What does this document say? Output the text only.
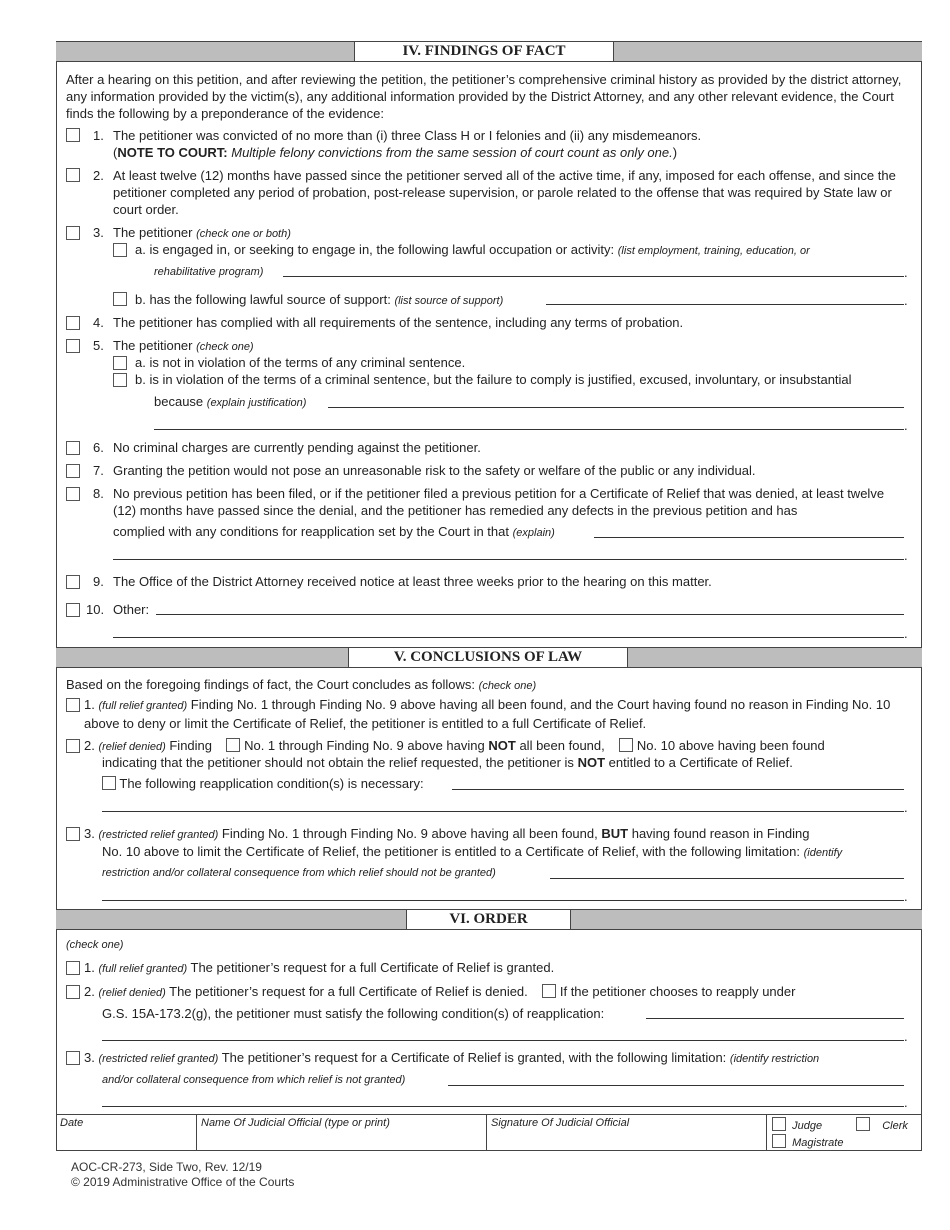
IV. FINDINGS OF FACT
After a hearing on this petition, and after reviewing the petition, the petitioner’s comprehensive criminal history as provided by the district attorney, any information provided by the victim(s), any additional information provided by the District Attorney, and any other relevant evidence, the Court finds the following by a preponderance of the evidence:
1. The petitioner was convicted of no more than (i) three Class H or I felonies and (ii) any misdemeanors.
(NOTE TO COURT: Multiple felony convictions from the same session of court count as only one.)
2. At least twelve (12) months have passed since the petitioner served all of the active time, if any, imposed for each offense, and since the petitioner completed any period of probation, post-release supervision, or parole related to the offense that was required by State law or court order.
3. The petitioner (check one or both)
a. is engaged in, or seeking to engage in, the following lawful occupation or activity: (list employment, training, education, or
rehabilitative program)	.
b. has the following lawful source of support: (list source of support)	.
4. The petitioner has complied with all requirements of the sentence, including any terms of probation.
5. The petitioner (check one)
a. is not in violation of the terms of any criminal sentence.
b. is in violation of the terms of a criminal sentence, but the failure to comply is justified, excused, involuntary, or insubstantial
because (explain justification)
.
6. No criminal charges are currently pending against the petitioner.
7. Granting the petition would not pose an unreasonable risk to the safety or welfare of the public or any individual.
8. No previous petition has been filed, or if the petitioner filed a previous petition for a Certificate of Relief that was denied, at least twelve (12) months have passed since the denial, and the petitioner has remedied any defects in the previous petition and has
complied with any conditions for reapplication set by the Court in that (explain)
.
9. The Office of the District Attorney received notice at least three weeks prior to the hearing on this matter.
10. Other:
.
V. CONCLUSIONS OF LAW
Based on the foregoing findings of fact, the Court concludes as follows: (check one)
1. (full relief granted) Finding No. 1 through Finding No. 9 above having all been found, and the Court having found no reason in Finding No. 10 above to deny or limit the Certificate of Relief, the petitioner is entitled to a full Certificate of Relief.
2. (relief denied) Finding No. 1 through Finding No. 9 above having NOT all been found, No. 10 above having been found
indicating that the petitioner should not obtain the relief requested, the petitioner is NOT entitled to a Certificate of Relief.
The following reapplication condition(s) is necessary:
.
3. (restricted relief granted) Finding No. 1 through Finding No. 9 above having all been found, BUT having found reason in Finding
No. 10 above to limit the Certificate of Relief, the petitioner is entitled to a Certificate of Relief, with the following limitation: (identify
restriction and/or collateral consequence from which relief should not be granted)
.
VI. ORDER
(check one)
1. (full relief granted) The petitioner’s request for a full Certificate of Relief is granted.
2. (relief denied) The petitioner’s request for a full Certificate of Relief is denied. If the petitioner chooses to reapply under
G.S. 15A-173.2(g), the petitioner must satisfy the following condition(s) of reapplication:
.
3. (restricted relief granted) The petitioner’s request for a Certificate of Relief is granted, with the following limitation: (identify restriction
and/or collateral consequence from which relief is not granted)
.
Date	Name Of Judicial Official (type or print)	Signature Of Judicial Official	Judge	Clerk
Magistrate
AOC-CR-273, Side Two, Rev. 12/19
© 2019 Administrative Office of the Courts
